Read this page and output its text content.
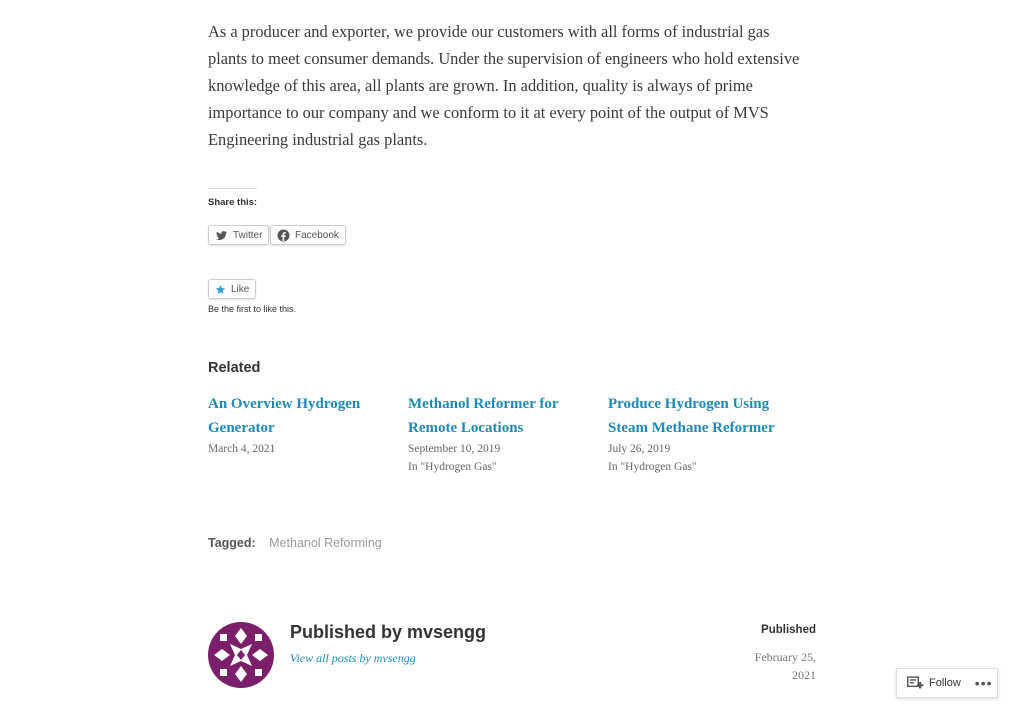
As a producer and exporter, we provide our customers with all forms of industrial gas plants to meet consumer demands. Under the supervision of engineers who hold extensive knowledge of this area, all plants are grown. In addition, quality is always of prime importance to our company and we conform to it at every point of the output of MVS Engineering industrial gas plants.

Share this:
Twitter	Facebook
Like
Be the first to like this.
Related
An Overview Hydrogen Generator
March 4, 2021
Methanol Reformer for Remote Locations
September 10, 2019
In "Hydrogen Gas"
Produce Hydrogen Using Steam Methane Reformer
July 26, 2019
In "Hydrogen Gas"
Tagged: Methanol Reforming
Published by mvsengg
View all posts by mvsengg
Published
February 25,
2021
Follow •••
